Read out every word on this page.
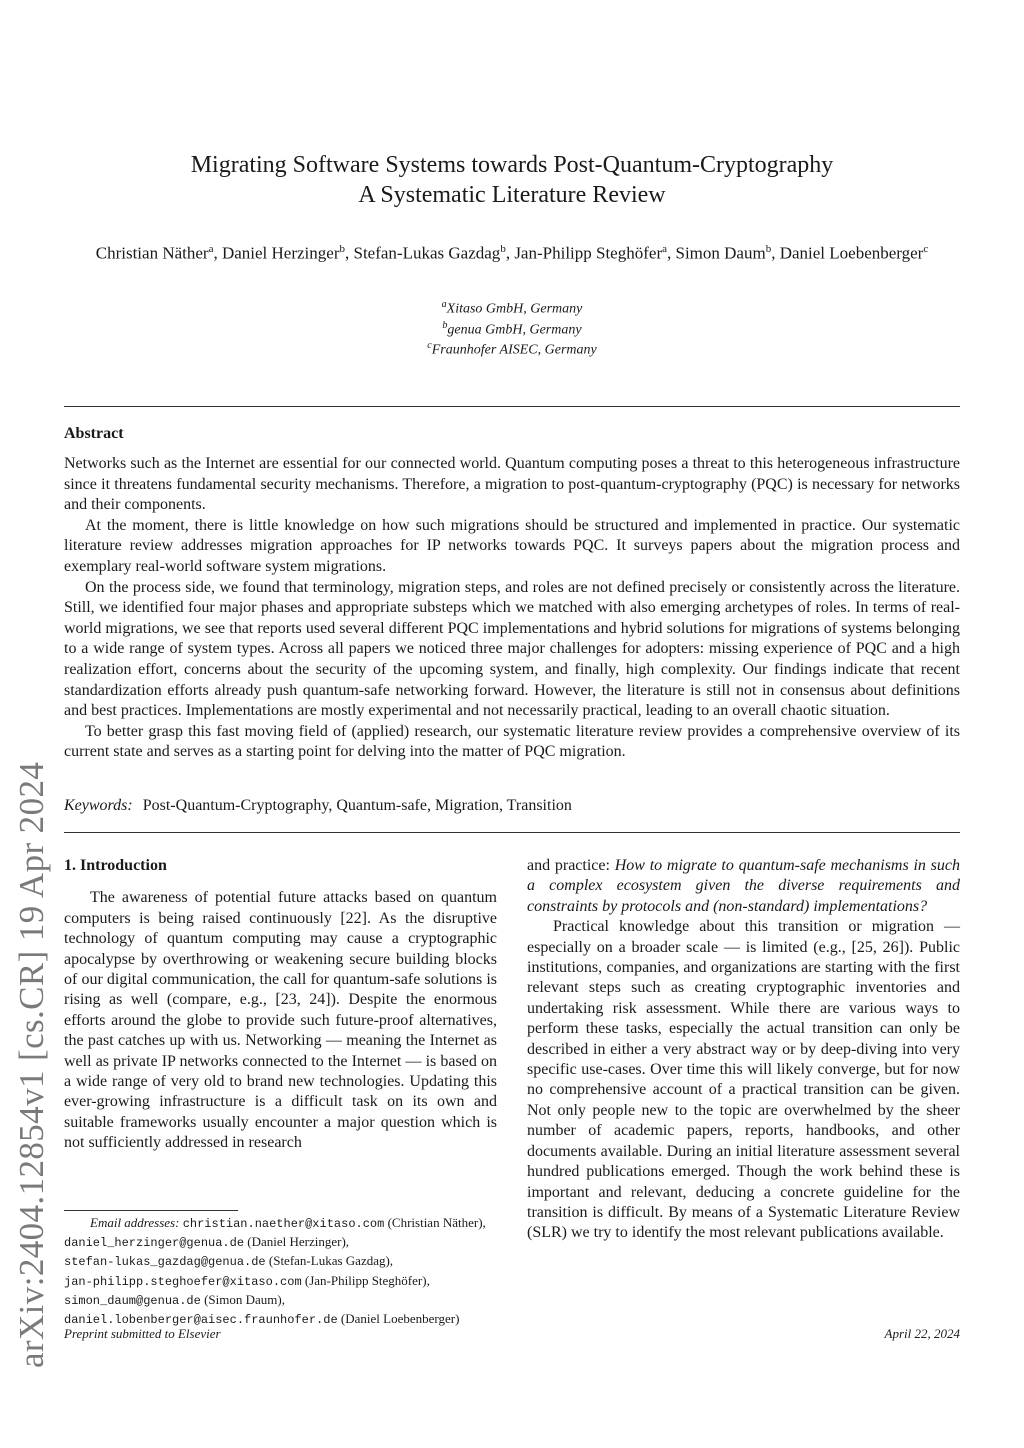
arXiv:2404.12854v1 [cs.CR] 19 Apr 2024
Migrating Software Systems towards Post-Quantum-Cryptography
A Systematic Literature Review
Christian Näther$^a$, Daniel Herzinger$^b$, Stefan-Lukas Gazdag$^b$, Jan-Philipp Steghöfer$^a$, Simon Daum$^b$, Daniel Loebenberger$^c$
$^a$Xitaso GmbH, Germany
$^b$genua GmbH, Germany
$^c$Fraunhofer AISEC, Germany
Abstract

Networks such as the Internet are essential for our connected world. Quantum computing poses a threat to this heterogeneous infrastructure since it threatens fundamental security mechanisms. Therefore, a migration to post-quantum-cryptography (PQC) is necessary for networks and their components.

At the moment, there is little knowledge on how such migrations should be structured and implemented in practice. Our systematic literature review addresses migration approaches for IP networks towards PQC. It surveys papers about the migration process and exemplary real-world software system migrations.

On the process side, we found that terminology, migration steps, and roles are not defined precisely or consistently across the literature. Still, we identified four major phases and appropriate substeps which we matched with also emerging archetypes of roles. In terms of real-world migrations, we see that reports used several different PQC implementations and hybrid solutions for migrations of systems belonging to a wide range of system types. Across all papers we noticed three major challenges for adopters: missing experience of PQC and a high realization effort, concerns about the security of the upcoming system, and finally, high complexity. Our findings indicate that recent standardization efforts already push quantum-safe networking forward. However, the literature is still not in consensus about definitions and best practices. Implementations are mostly experimental and not necessarily practical, leading to an overall chaotic situation.

To better grasp this fast moving field of (applied) research, our systematic literature review provides a comprehensive overview of its current state and serves as a starting point for delving into the matter of PQC migration.

Keywords: Post-Quantum-Cryptography, Quantum-safe, Migration, Transition

1. Introduction

The awareness of potential future attacks based on quantum computers is being raised continuously [22]. As the disruptive technology of quantum computing may cause a cryptographic apocalypse by overthrowing or weakening secure building blocks of our digital communication, the call for quantum-safe solutions is rising as well (compare, e.g., [23, 24]). Despite the enormous efforts around the globe to provide such future-proof alternatives, the past catches up with us. Networking — meaning the Internet as well as private IP networks connected to the Internet — is based on a wide range of very old to brand new technologies. Updating this ever-growing infrastructure is a difficult task on its own and suitable frameworks usually encounter a major question which is not sufficiently addressed in research

and practice: How to migrate to quantum-safe mechanisms in such a complex ecosystem given the diverse requirements and constraints by protocols and (non-standard) implementations?

Practical knowledge about this transition or migration — especially on a broader scale — is limited (e.g., [25, 26]). Public institutions, companies, and organizations are starting with the first relevant steps such as creating cryptographic inventories and undertaking risk assessment. While there are various ways to perform these tasks, especially the actual transition can only be described in either a very abstract way or by deep-diving into very specific use-cases. Over time this will likely converge, but for now no comprehensive account of a practical transition can be given. Not only people new to the topic are overwhelmed by the sheer number of academic papers, reports, handbooks, and other documents available. During an initial literature assessment several hundred publications emerged. Though the work behind these is important and relevant, deducing a concrete guideline for the transition is difficult. By means of a Systematic Literature Review (SLR) we try to identify the most relevant publications available.

Email addresses: christian.naether@xitaso.com (Christian Näther), daniel_herzinger@genua.de (Daniel Herzinger),
stefan-lukas_gazdag@genua.de (Stefan-Lukas Gazdag),
jan-philipp.steghoefer@xitaso.com (Jan-Philipp Steghöfer),
simon_daum@genua.de (Simon Daum),
daniel.lobenberger@aisec.fraunhofer.de (Daniel Loebenberger)
Preprint submitted to Elsevier	April 22, 2024
